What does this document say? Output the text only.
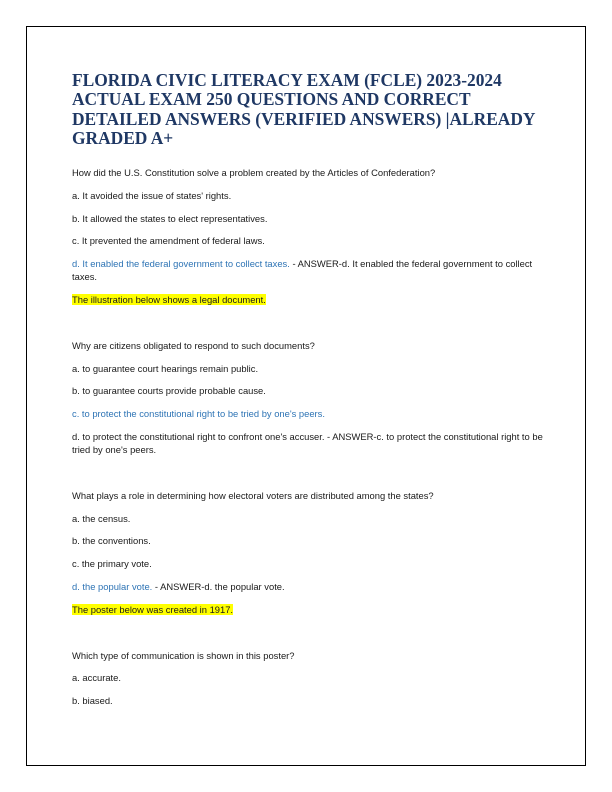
FLORIDA CIVIC LITERACY EXAM (FCLE) 2023-2024 ACTUAL EXAM 250 QUESTIONS AND CORRECT DETAILED ANSWERS (VERIFIED ANSWERS) |ALREADY GRADED A+

How did the U.S. Constitution solve a problem created by the Articles of Confederation?

a. It avoided the issue of states' rights.

b. It allowed the states to elect representatives.

c. It prevented the amendment of federal laws.

d. It enabled the federal government to collect taxes. - ANSWER-d. It enabled the federal government to collect taxes.

The illustration below shows a legal document.

Why are citizens obligated to respond to such documents?

a. to guarantee court hearings remain public.

b. to guarantee courts provide probable cause.

c. to protect the constitutional right to be tried by one's peers.

d. to protect the constitutional right to confront one's accuser. - ANSWER-c. to protect the constitutional right to be tried by one's peers.

What plays a role in determining how electoral voters are distributed among the states?

a. the census.

b. the conventions.

c. the primary vote.

d. the popular vote. - ANSWER-d. the popular vote.

The poster below was created in 1917.

Which type of communication is shown in this poster?

a. accurate.

b. biased.
